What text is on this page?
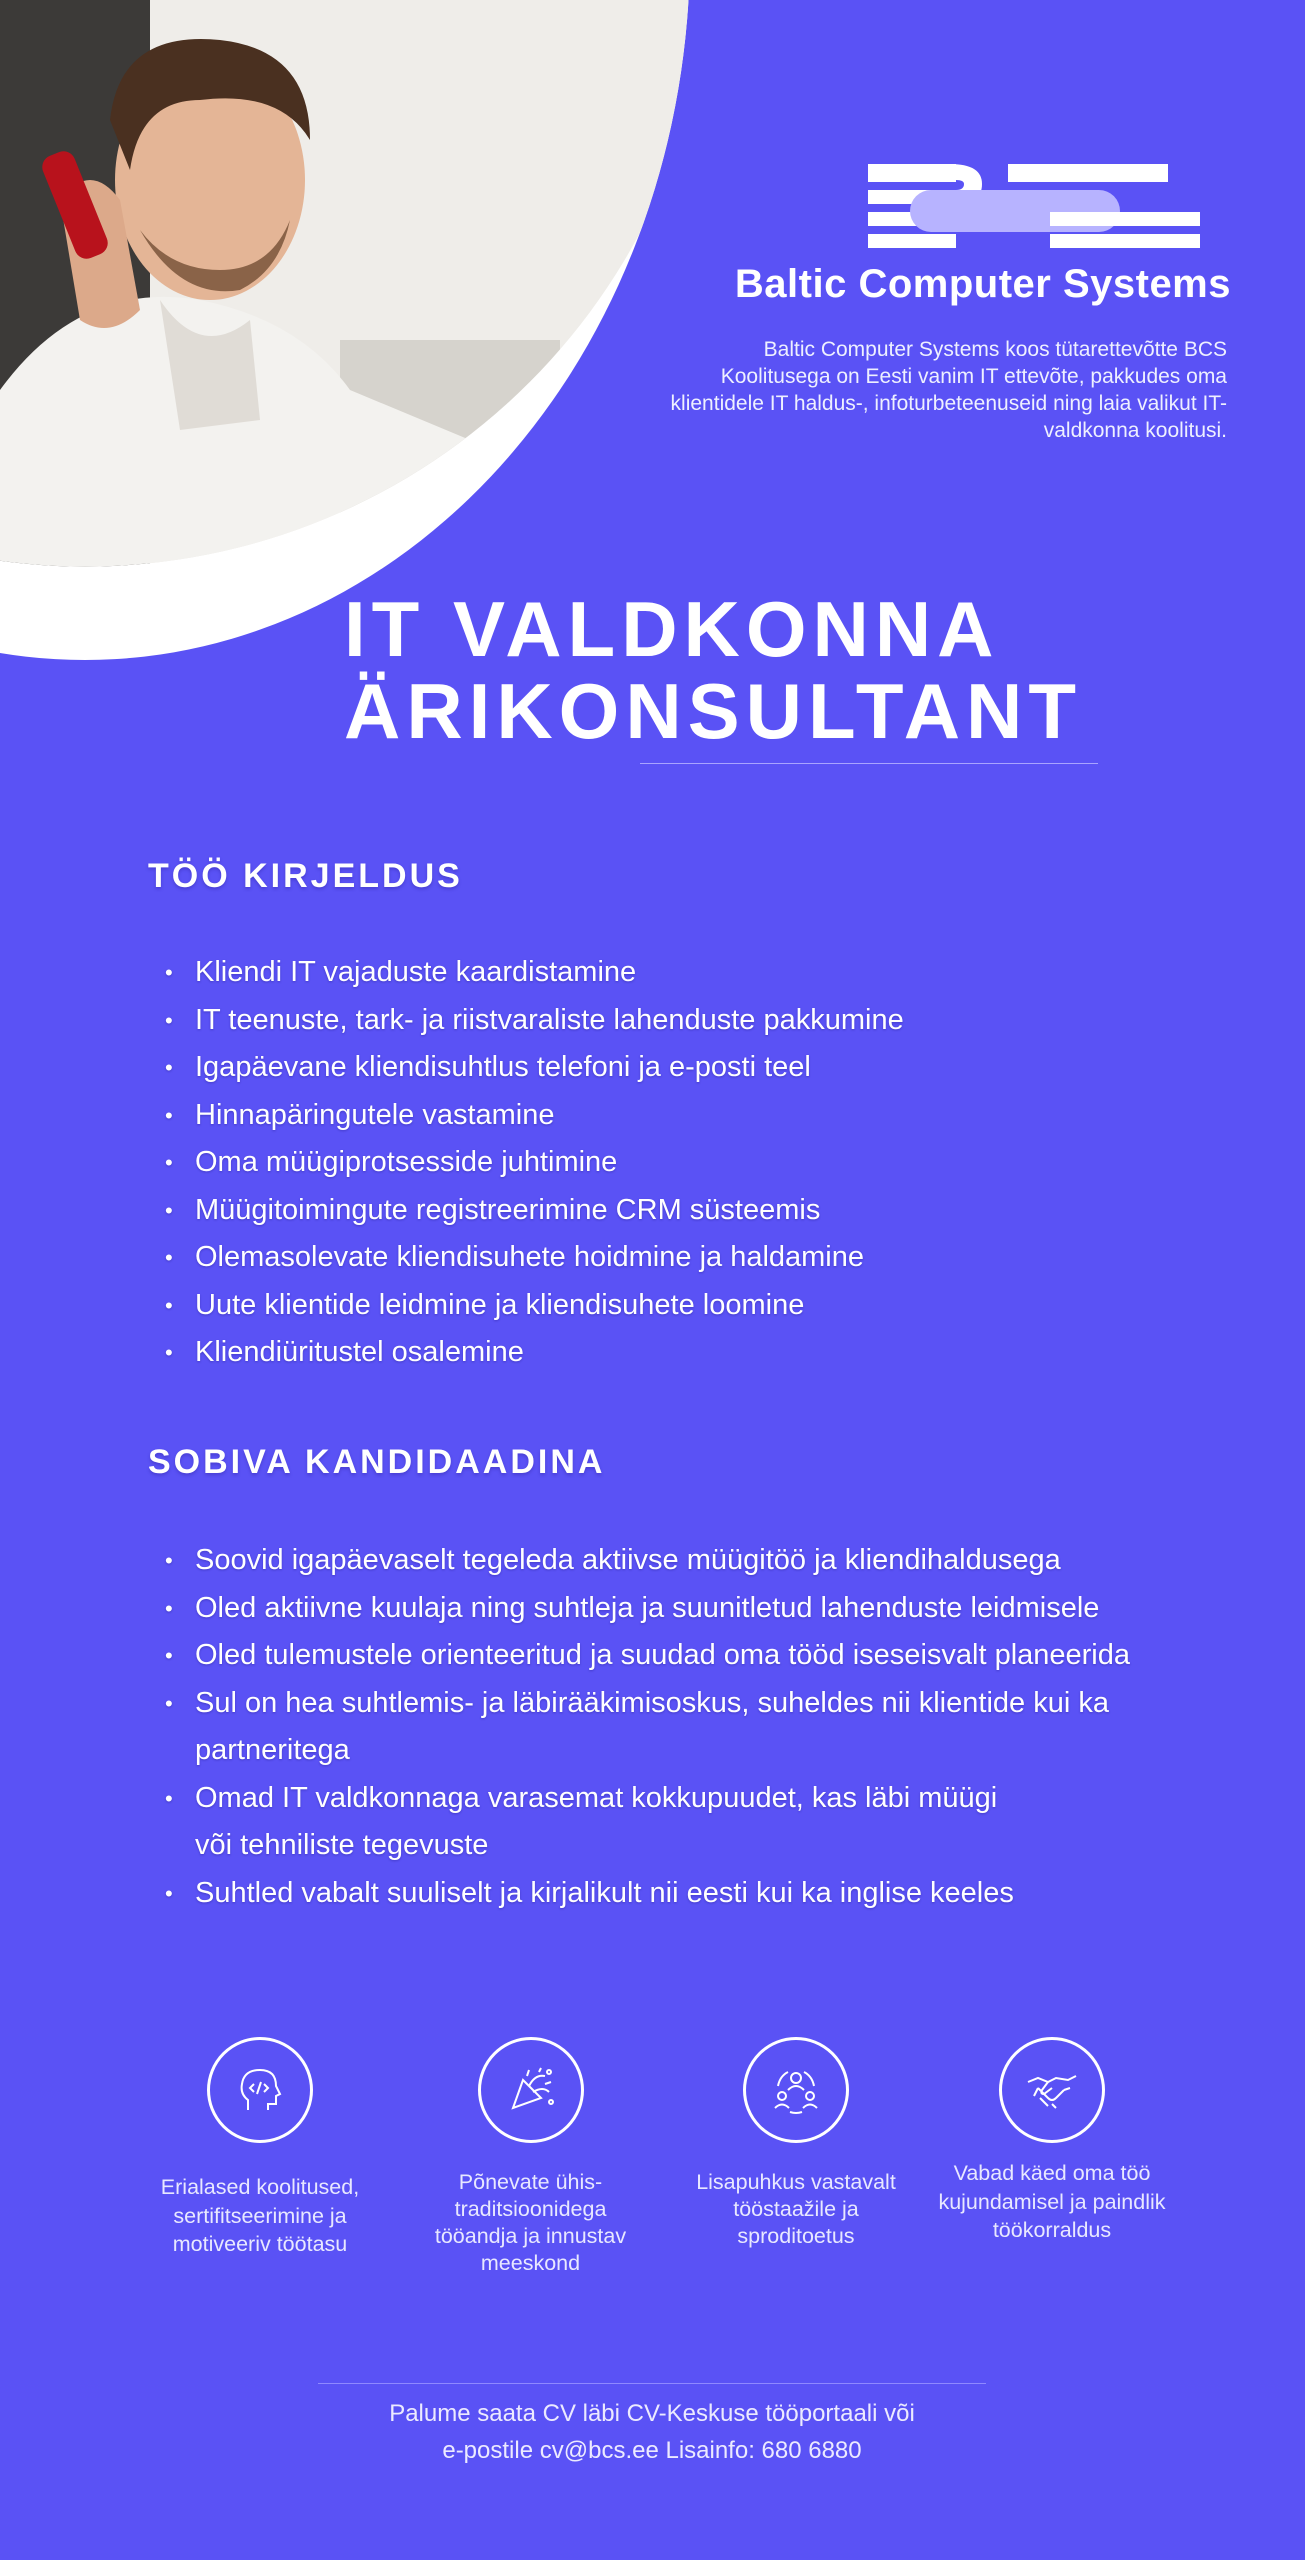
Baltic Computer Systems
Baltic Computer Systems koos tütarettevõtte BCS Koolitusega on Eesti vanim IT ettevõte, pakkudes oma klientidele IT haldus-, infoturbeteenuseid ning laia valikut IT-valdkonna koolitusi.
IT VALDKONNA
ÄRIKONSULTANT
TÖÖ KIRJELDUS
• Kliendi IT vajaduste kaardistamine
• IT teenuste, tark- ja riistvaraliste lahenduste pakkumine
• Igapäevane kliendisuhtlus telefoni ja e-posti teel
• Hinnapäringutele vastamine
• Oma müügiprotsesside juhtimine
• Müügitoimingute registreerimine CRM süsteemis
• Olemasolevate kliendisuhete hoidmine ja haldamine
• Uute klientide leidmine ja kliendisuhete loomine
• Kliendiüritustel osalemine
SOBIVA KANDIDAADINA
• Soovid igapäevaselt tegeleda aktiivse müügitöö ja kliendihaldusega

• Oled aktiivne kuulaja ning suhtleja ja suunitletud lahenduste leidmisele

• Oled tulemustele orienteeritud ja suudad oma tööd iseseisvalt planeerida

• Sul on hea suhtlemis- ja läbirääkimisoskus, suheldes nii klientide kui ka
partneritega
• Omad IT valdkonnaga varasemat kokkupuudet, kas läbi müügi
või tehniliste tegevuste
• Suhtled vabalt suuliselt ja kirjalikult nii eesti kui ka inglise keeles

Erialased koolitused, sertifitseerimine ja motiveeriv töötasu
Põnevate ühis-traditsioonidega tööandja ja innustav meeskond
Lisapuhkus vastavalt tööstaažile ja sproditoetus
Vabad käed oma töö kujundamisel ja paindlik töökorraldus
Palume saata CV läbi CV-Keskuse tööportaali või
e-postile cv@bcs.ee Lisainfo: 680 6880
